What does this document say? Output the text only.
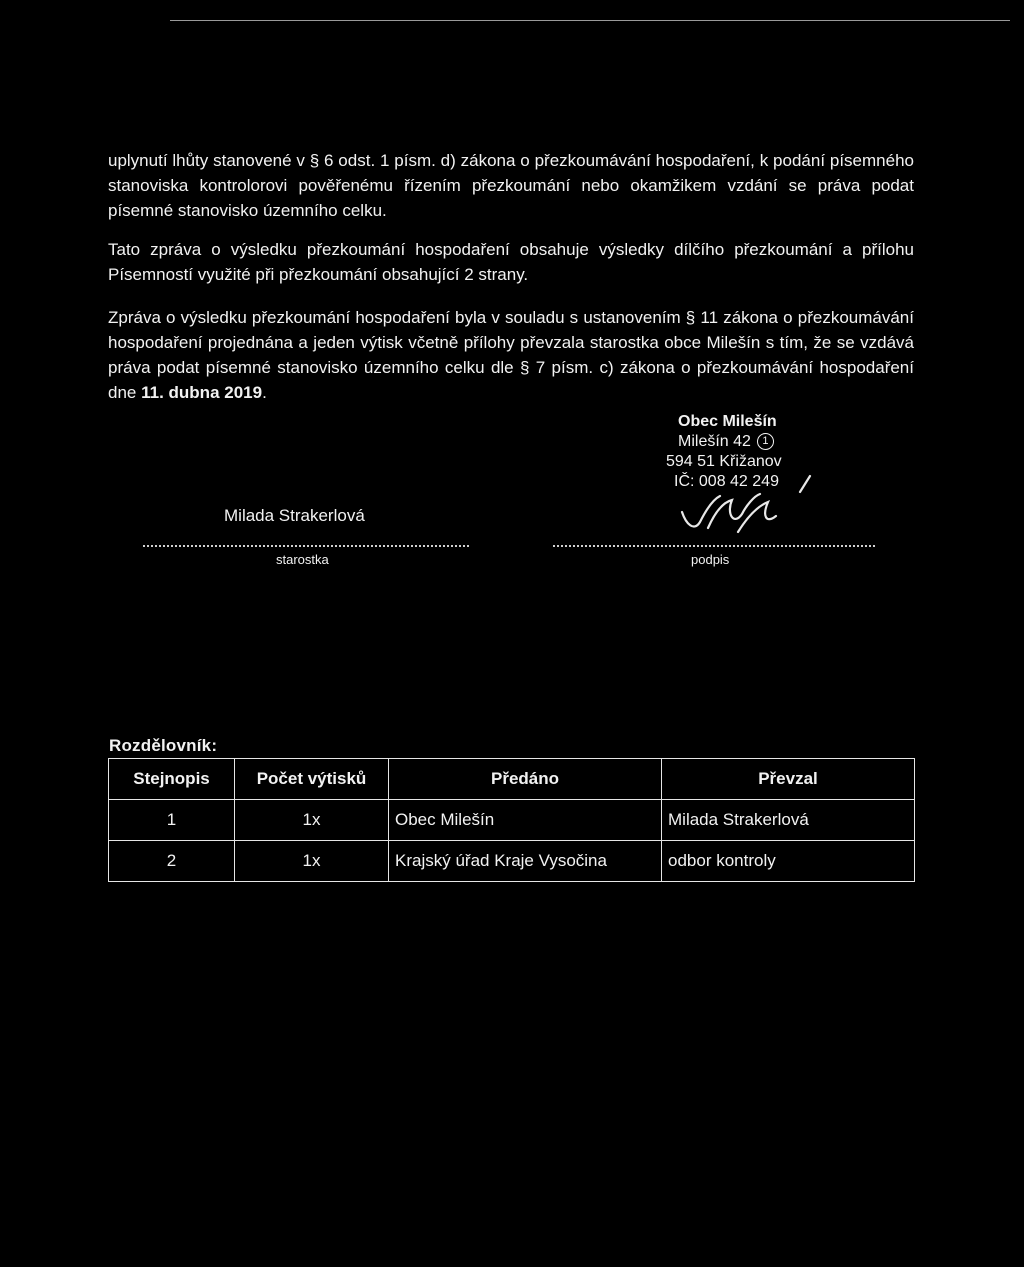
uplynutí lhůty stanovené v § 6 odst. 1 písm. d) zákona o přezkoumávání hospodaření, k podání písemného stanoviska kontrolorovi pověřenému řízením přezkoumání nebo okamžikem vzdání se práva podat písemné stanovisko územního celku.

Tato zpráva o výsledku přezkoumání hospodaření obsahuje výsledky dílčího přezkoumání a přílohu Písemností využité při přezkoumání obsahující 2 strany.

Zpráva o výsledku přezkoumání hospodaření byla v souladu s ustanovením § 11 zákona o přezkoumávání hospodaření projednána a jeden výtisk včetně přílohy převzala starostka obce Milešín s tím, že se vzdává práva podat písemné stanovisko územního celku dle § 7 písm. c) zákona o přezkoumávání hospodaření dne 11. dubna 2019.

Obec Milešín
Milešín 42 1
594 51 Křižanov
IČ: 008 42 249
Milada Strakerlová
starostka	podpis
Rozdělovník:
Stejnopis	Počet výtisků	Předáno	Převzal
1	1x	Obec Milešín	Milada Strakerlová
2	1x	Krajský úřad Kraje Vysočina	odbor kontroly
